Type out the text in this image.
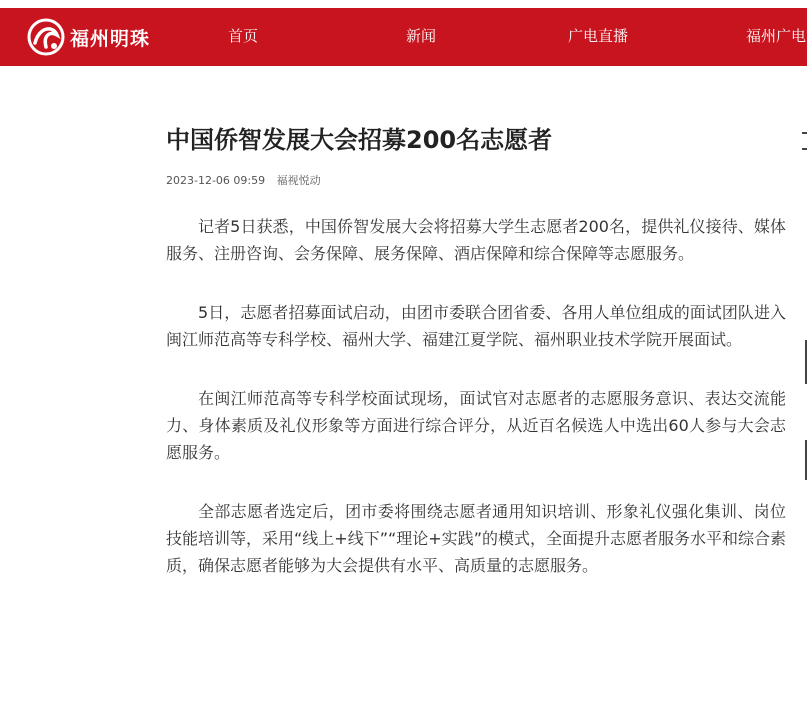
福州明珠	首页	新闻	广电直播	福州广电
中国侨智发展大会招募200名志愿者
2023-12-06 09:59 福视悦动

记者5日获悉，中国侨智发展大会将招募大学生志愿者200名，提供礼仪接待、媒体服务、注册咨询、会务保障、展务保障、酒店保障和综合保障等志愿服务。

5日，志愿者招募面试启动，由团市委联合团省委、各用人单位组成的面试团队进入闽江师范高等专科学校、福州大学、福建江夏学院、福州职业技术学院开展面试。

在闽江师范高等专科学校面试现场，面试官对志愿者的志愿服务意识、表达交流能力、身体素质及礼仪形象等方面进行综合评分，从近百名候选人中选出60人参与大会志愿服务。

全部志愿者选定后，团市委将围绕志愿者通用知识培训、形象礼仪强化集训、岗位技能培训等，采用“线上+线下”“理论+实践”的模式，全面提升志愿者服务水平和综合素质，确保志愿者能够为大会提供有水平、高质量的志愿服务。
